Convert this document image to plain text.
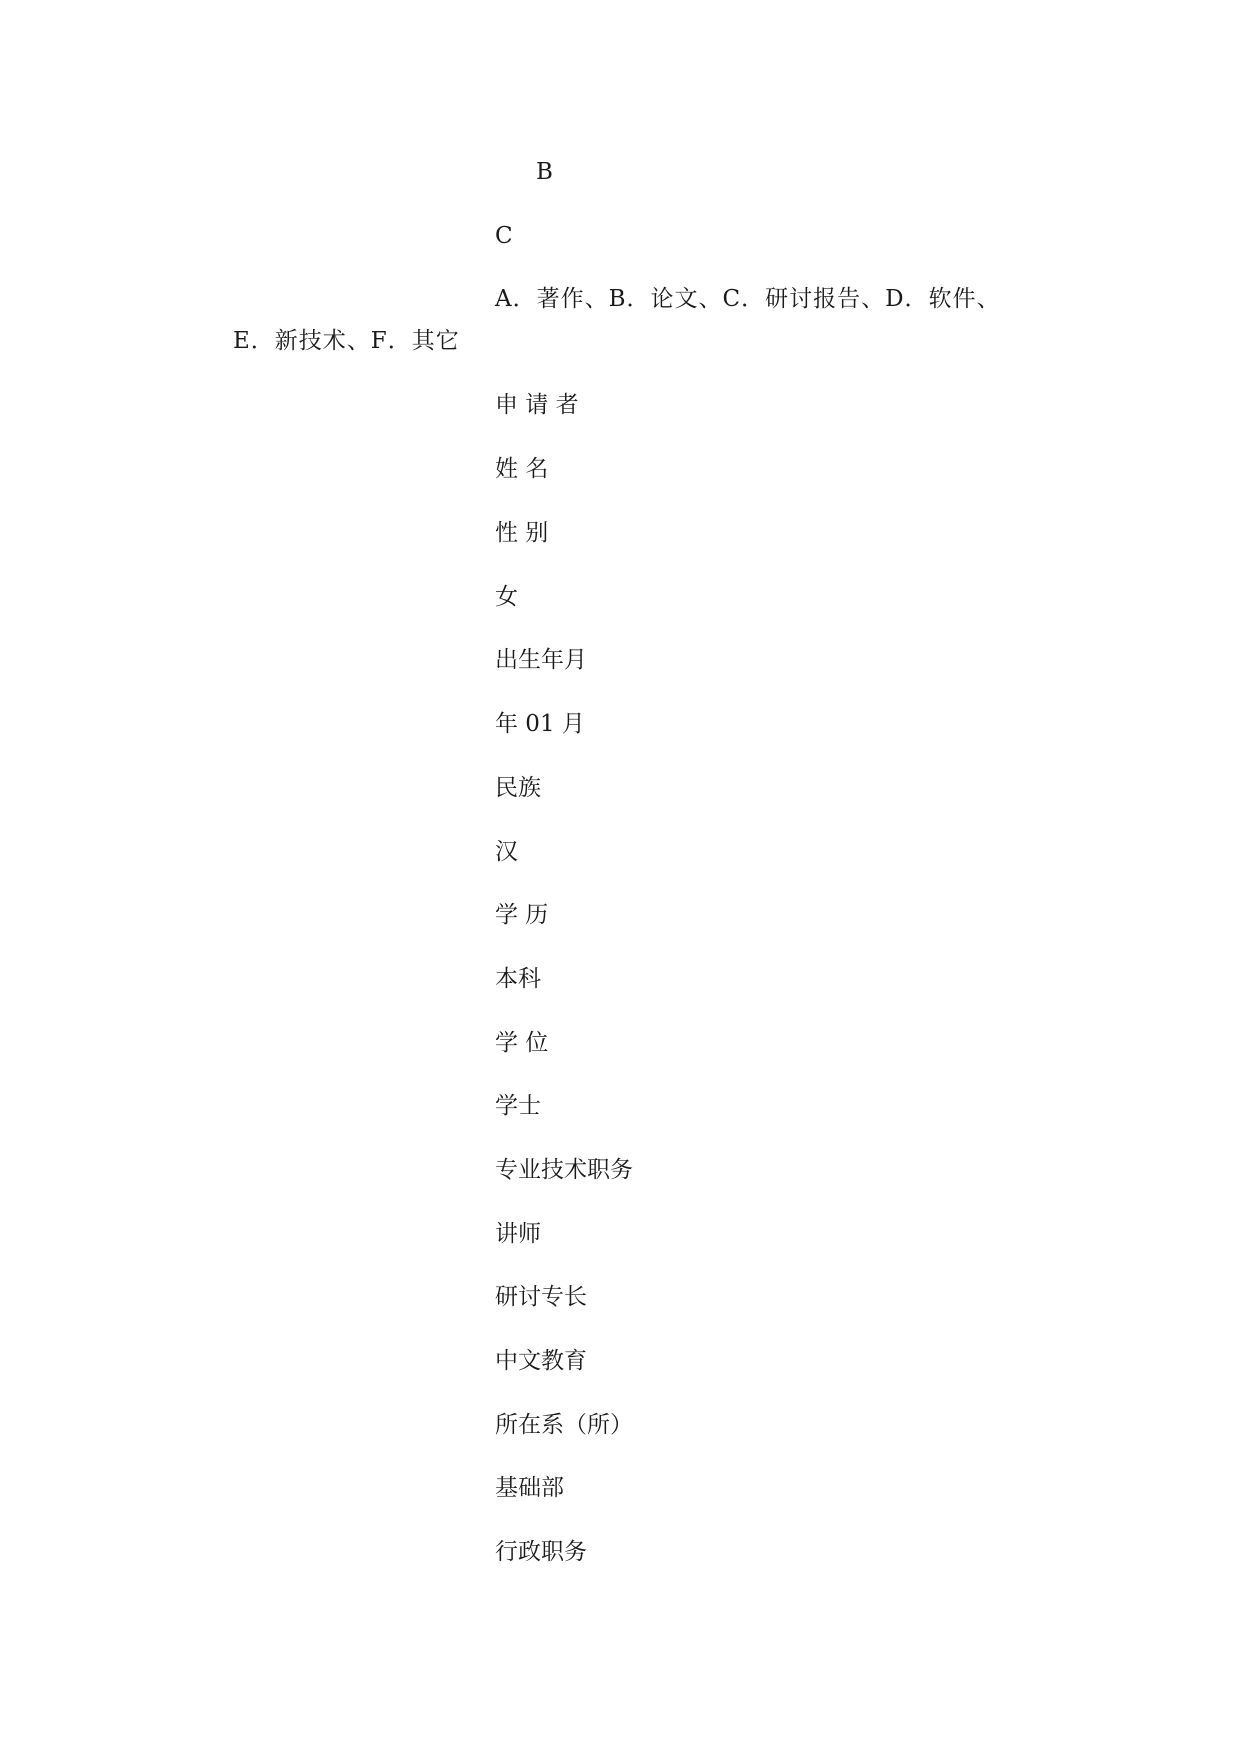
B
C
A．著作、B．论文、C．研讨报告、D．软件、
E．新技术、F．其它
申 请 者
姓 名
性 别
女
出生年月
年 01 月
民族
汉
学 历
本科
学 位
学士
专业技术职务
讲师
研讨专长
中文教育
所在系（所）
基础部
行政职务
